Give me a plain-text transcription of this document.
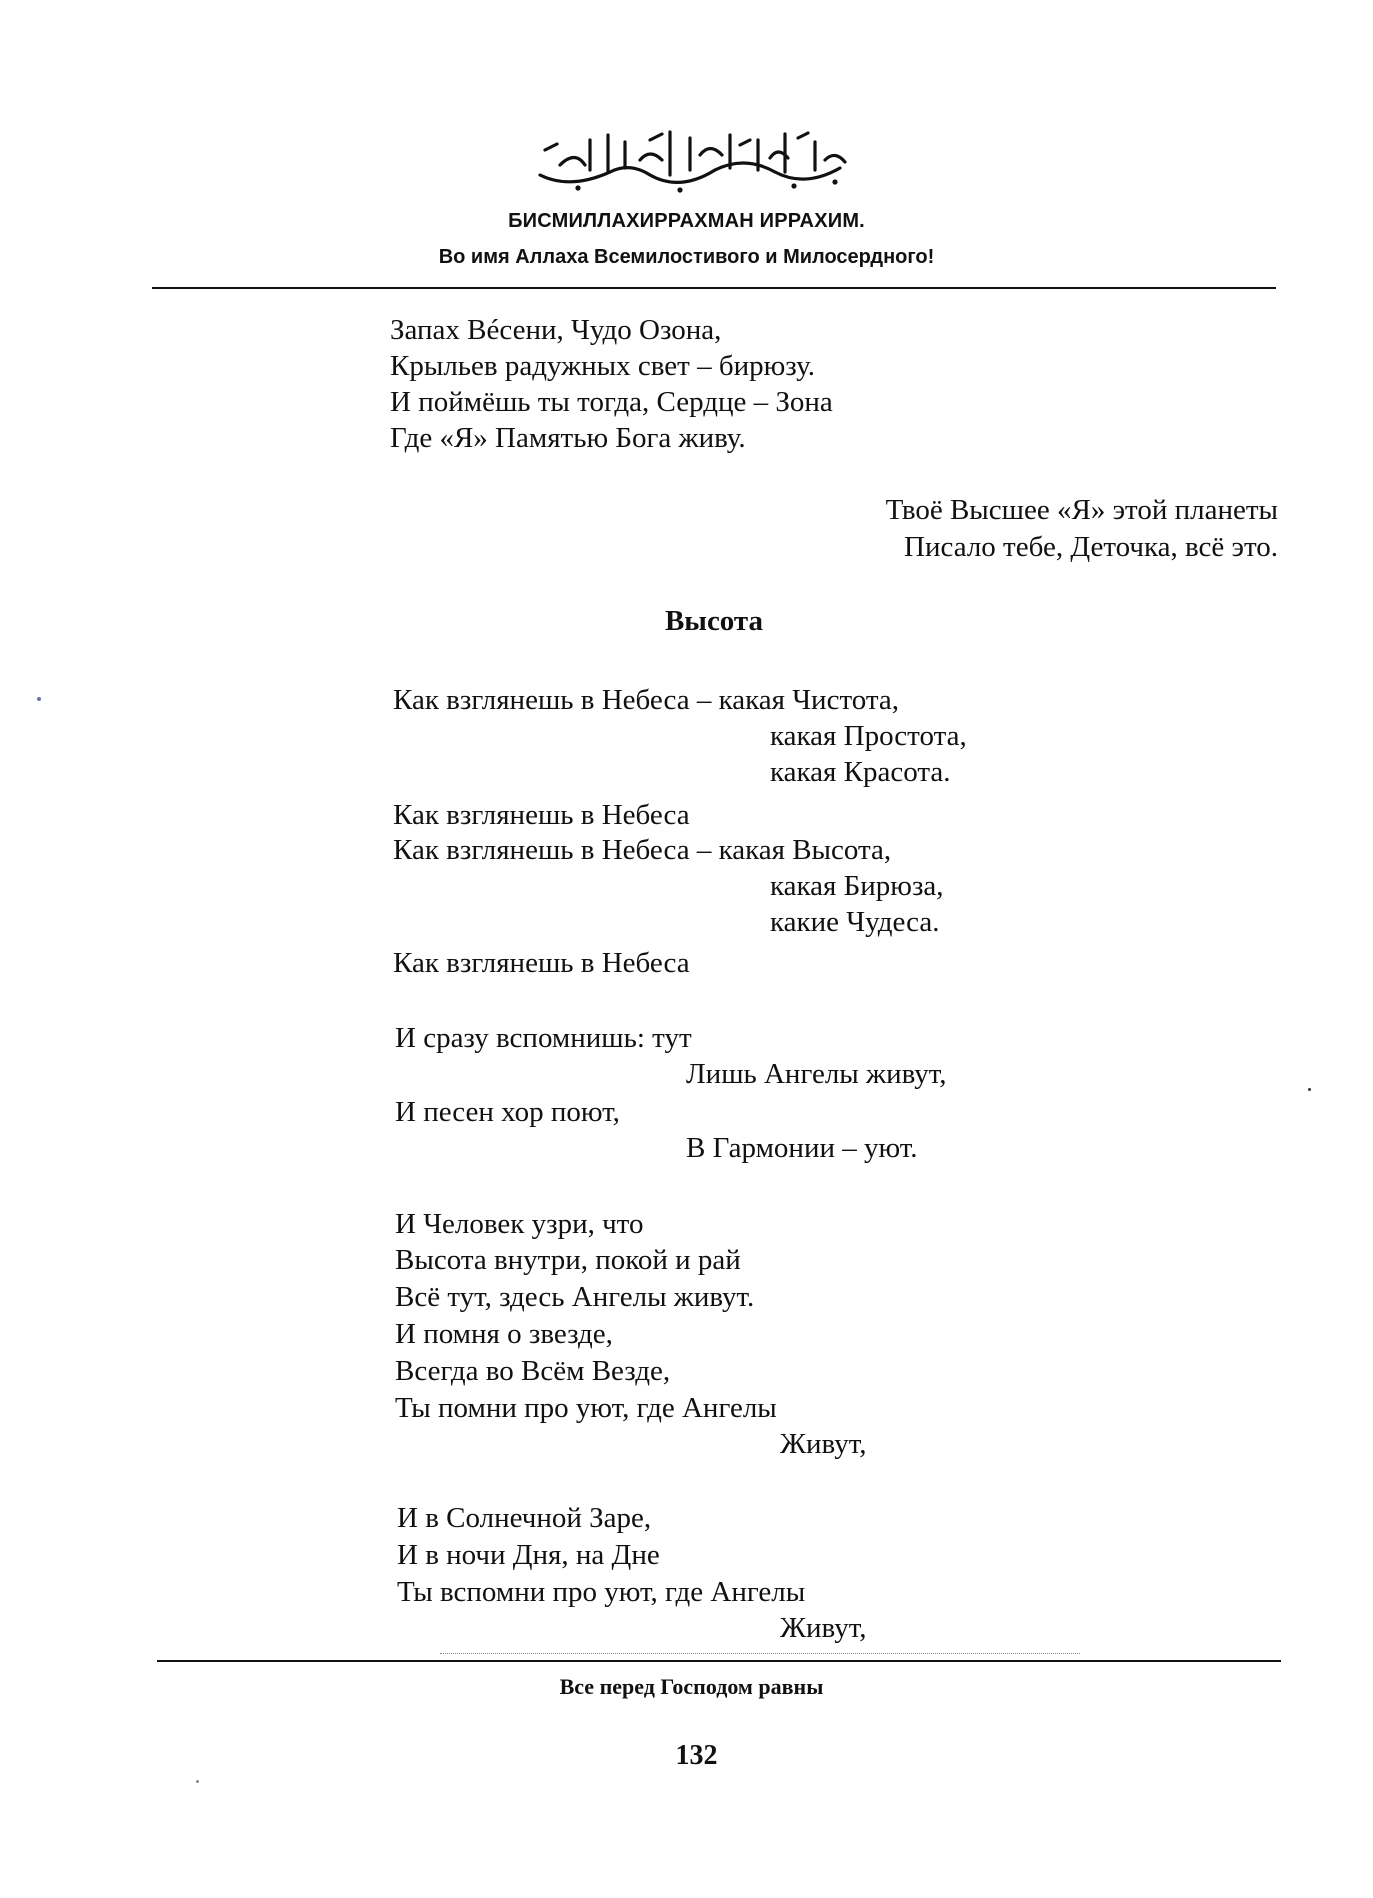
БИСМИЛЛАХИРРАХМАН ИРРАХИМ.
Во имя Аллаха Всемилостивого и Милосердного!
Запах Вéсени, Чудо Озона,
Крыльев радужных свет – бирюзу.
И поймёшь ты тогда, Сердце – Зона
Где «Я» Памятью Бога живу.
Твоё Высшее «Я» этой планеты
Писало тебе, Деточка, всё это.
Высота
Как взглянешь в Небеса – какая Чистота,
какая Простота,
какая Красота.
Как взглянешь в Небеса
Как взглянешь в Небеса – какая Высота,
какая Бирюза,
какие Чудеса.
Как взглянешь в Небеса
И сразу вспомнишь: тут
Лишь Ангелы живут,
И песен хор поют,
В Гармонии – уют.
И Человек узри, что
Высота внутри, покой и рай
Всё тут, здесь Ангелы живут.
И помня о звезде,
Всегда во Всём Везде,
Ты помни про уют, где Ангелы
Живут,
И в Солнечной Заре,
И в ночи Дня, на Дне
Ты вспомни про уют, где Ангелы
Живут,
Все перед Господом равны
132
